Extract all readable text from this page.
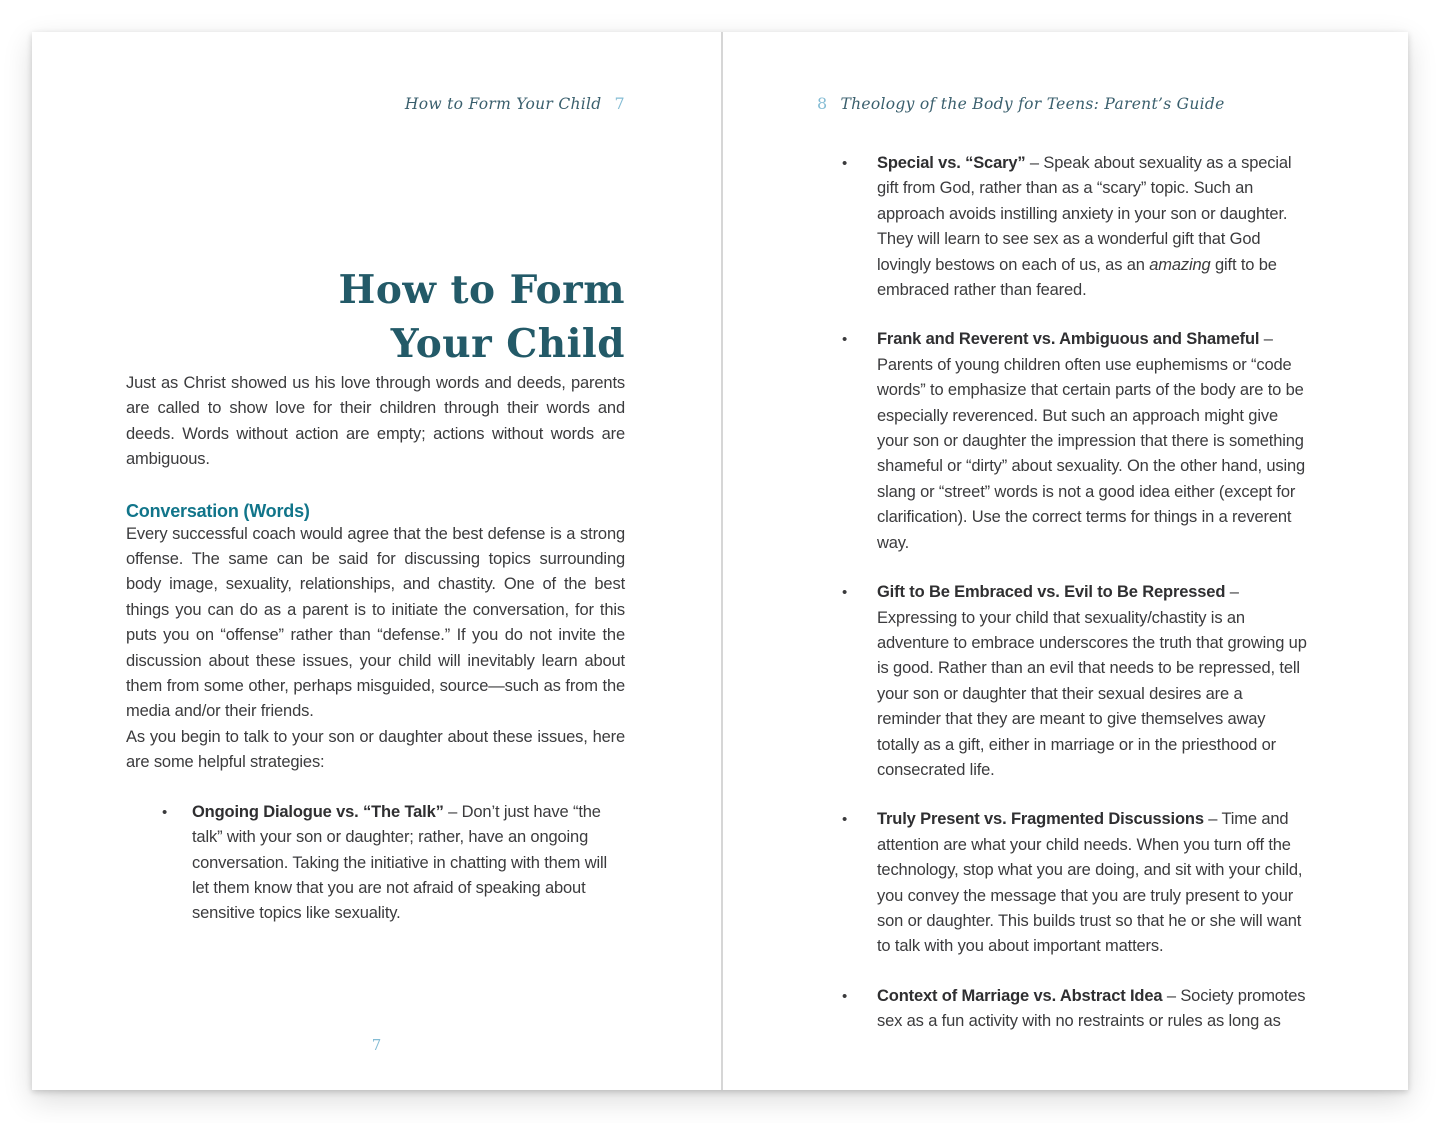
How to Form Your Child 7
How to Form
Your Child

Just as Christ showed us his love through words and deeds, parents are called to show love for their children through their words and deeds. Words without action are empty; actions without words are ambiguous.

Conversation (Words)

Every successful coach would agree that the best defense is a strong offense. The same can be said for discussing topics surrounding body image, sexuality, relationships, and chastity. One of the best things you can do as a parent is to initiate the conversation, for this puts you on “offense” rather than “defense.” If you do not invite the discussion about these issues, your child will inevitably learn about them from some other, perhaps misguided, source—such as from the media and/or their friends.

As you begin to talk to your son or daughter about these issues, here are some helpful strategies:

• Ongoing Dialogue vs. “The Talk” – Don’t just have “the talk” with your son or daughter; rather, have an ongoing conversation. Taking the initiative in chatting with them will let them know that you are not afraid of speaking about sensitive topics like sexuality.
7
8 Theology of the Body for Teens: Parent’s Guide
• Special vs. “Scary” – Speak about sexuality as a special gift from God, rather than as a “scary” topic. Such an approach avoids instilling anxiety in your son or daughter. They will learn to see sex as a wonderful gift that God lovingly bestows on each of us, as an amazing gift to be embraced rather than feared.
• Frank and Reverent vs. Ambiguous and Shameful – Parents of young children often use euphemisms or “code words” to emphasize that certain parts of the body are to be especially reverenced. But such an approach might give your son or daughter the impression that there is something shameful or “dirty” about sexuality. On the other hand, using slang or “street” words is not a good idea either (except for clarification). Use the correct terms for things in a reverent way.
• Gift to Be Embraced vs. Evil to Be Repressed – Expressing to your child that sexuality/chastity is an adventure to embrace underscores the truth that growing up is good. Rather than an evil that needs to be repressed, tell your son or daughter that their sexual desires are a reminder that they are meant to give themselves away totally as a gift, either in marriage or in the priesthood or consecrated life.
• Truly Present vs. Fragmented Discussions – Time and attention are what your child needs. When you turn off the technology, stop what you are doing, and sit with your child, you convey the message that you are truly present to your son or daughter. This builds trust so that he or she will want to talk with you about important matters.
• Context of Marriage vs. Abstract Idea – Society promotes sex as a fun activity with no restraints or rules as long as
